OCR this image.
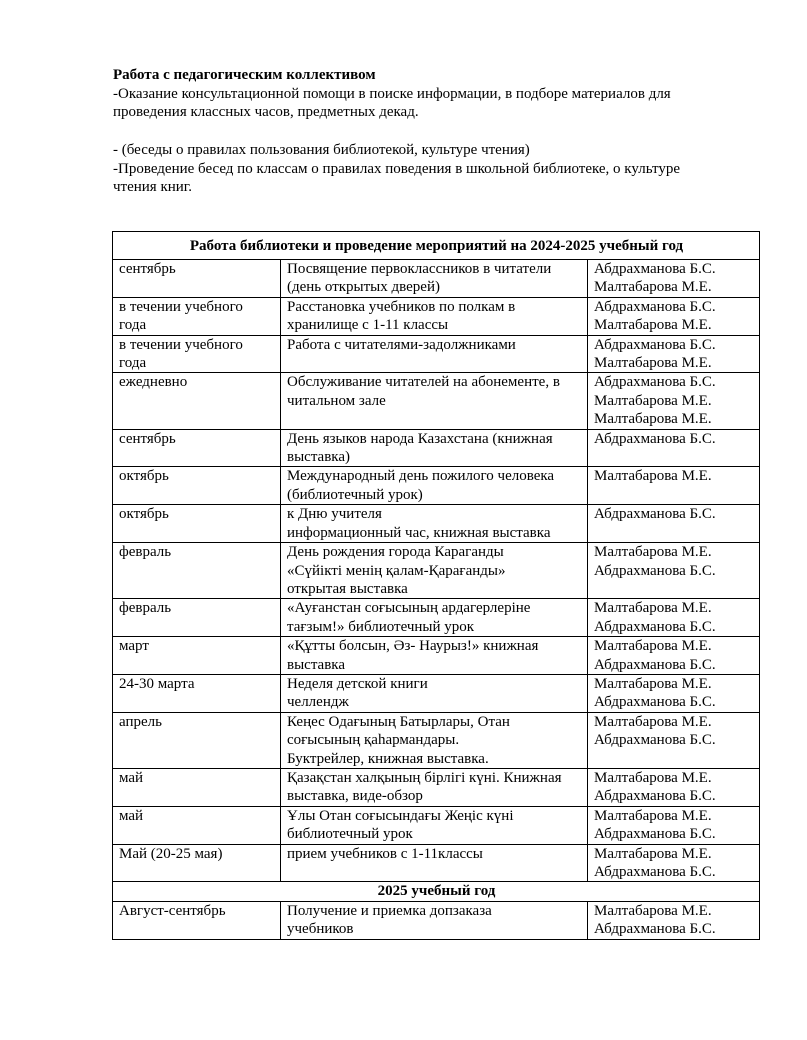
Работа с педагогическим коллективом

-Оказание консультационной помощи в поиске информации, в подборе материалов для
проведения классных часов, предметных декад.

- (беседы о правилах пользования библиотекой, культуре чтения)

-Проведение бесед по классам о правилах поведения в школьной библиотеке, о культуре
чтения книг.

Работа библиотеки и проведение мероприятий на 2024-2025 учебный год		

сентябрь	Посвящение первоклассников в читатели
(день открытых дверей)	Абдрахманова Б.С.
Малтабарова М.Е.

в течении учебного
года	Расстановка учебников по полкам в
хранилище с 1-11 классы	Абдрахманова Б.С.
Малтабарова М.Е.

в течении учебного
года	Работа с читателями-задолжниками	Абдрахманова Б.С.
Малтабарова М.Е.

ежедневно	Обслуживание читателей на абонементе, в
читальном зале	Абдрахманова Б.С.
Малтабарова М.Е.
Малтабарова М.Е.

сентябрь	День языков народа Казахстана (книжная
выставка)	Абдрахманова Б.С.

октябрь	Международный день пожилого человека
(библиотечный урок)	Малтабарова М.Е.

октябрь	к Дню учителя
информационный час, книжная выставка	Абдрахманова Б.С.

февраль	День рождения города Караганды
«Сүйікті менің қалам-Қарағанды»
открытая выставка	Малтабарова М.Е.
Абдрахманова Б.С.

февраль	«Ауғанстан соғысының ардагерлеріне
тағзым!» библиотечный урок	Малтабарова М.Е.
Абдрахманова Б.С.

март	«Құтты болсын, Әз- Наурыз!» книжная
выставка	Малтабарова М.Е.
Абдрахманова Б.С.

24-30 марта	Неделя детской книги
челлендж	Малтабарова М.Е.
Абдрахманова Б.С.

апрель	Кеңес Одағының Батырлары, Отан
соғысының қаһармандары.
Буктрейлер, книжная выставка.	Малтабарова М.Е.
Абдрахманова Б.С.

май	Қазақстан халқының бірлігі күні. Книжная
выставка, виде-обзор	Малтабарова М.Е.
Абдрахманова Б.С.

май	Ұлы Отан соғысындағы Жеңіс күні
библиотечный урок	Малтабарова М.Е.
Абдрахманова Б.С.

Май (20-25 мая)	прием учебников с 1-11классы	Малтабарова М.Е.
Абдрахманова Б.С.

2025 учебный год		

Август-сентябрь	Получение и приемка допзаказа
учебников	Малтабарова М.Е.
Абдрахманова Б.С.
